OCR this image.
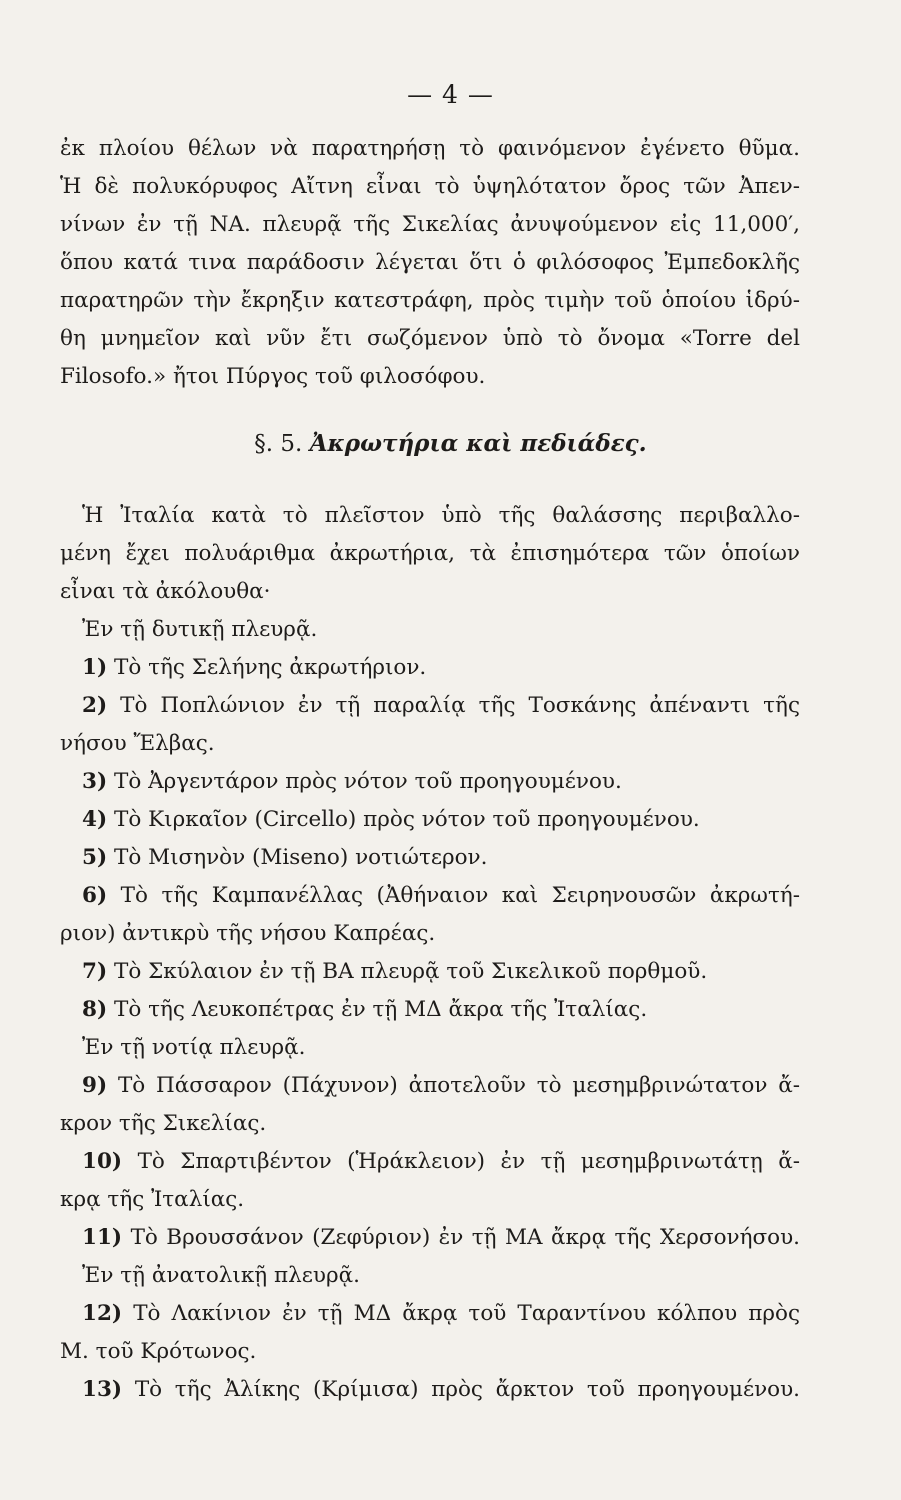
— 4 —
ἐκ πλοίου θέλων νὰ παρατηρήσῃ τὸ φαινόμενον ἐγένετο θῦμα.
Ἡ δὲ πολυκόρυφος Αἴτνη εἶναι τὸ ὑψηλότατον ὄρος τῶν Ἀπεν-
νίνων ἐν τῇ ΝΑ. πλευρᾷ τῆς Σικελίας ἀνυψούμενον εἰς 11,000′,
ὅπου κατά τινα παράδοσιν λέγεται ὅτι ὁ φιλόσοφος Ἐμπεδοκλῆς
παρατηρῶν τὴν ἔκρηξιν κατεστράφη, πρὸς τιμὴν τοῦ ὁποίου ἱδρύ-
θη μνημεῖον καὶ νῦν ἔτι σωζόμενον ὑπὸ τὸ ὄνομα «Torre del
Filosofo.» ἤτοι Πύργος τοῦ φιλοσόφου.
§. 5. Ἀκρωτήρια καὶ πεδιάδες.
Ἡ Ἰταλία κατὰ τὸ πλεῖστον ὑπὸ τῆς θαλάσσης περιβαλλο-
μένη ἔχει πολυάριθμα ἀκρωτήρια, τὰ ἐπισημότερα τῶν ὁποίων
εἶναι τὰ ἀκόλουθα·
Ἐν τῇ δυτικῇ πλευρᾷ.
1) Τὸ τῆς Σελήνης ἀκρωτήριον.
2) Τὸ Ποπλώνιον ἐν τῇ παραλίᾳ τῆς Τοσκάνης ἀπέναντι τῆς
νήσου Ἔλβας.
3) Τὸ Ἀργεντάρον πρὸς νότον τοῦ προηγουμένου.
4) Τὸ Κιρκαῖον (Circello) πρὸς νότον τοῦ προηγουμένου.
5) Τὸ Μισηνὸν (Miseno) νοτιώτερον.
6) Τὸ τῆς Καμπανέλλας (Ἀθήναιον καὶ Σειρηνουσῶν ἀκρωτή-
ριον) ἀντικρὺ τῆς νήσου Καπρέας.
7) Τὸ Σκύλαιον ἐν τῇ ΒΑ πλευρᾷ τοῦ Σικελικοῦ πορθμοῦ.
8) Τὸ τῆς Λευκοπέτρας ἐν τῇ ΜΔ ἄκρα τῆς Ἰταλίας.
Ἐν τῇ νοτίᾳ πλευρᾷ.
9) Τὸ Πάσσαρον (Πάχυνον) ἀποτελοῦν τὸ μεσημβρινώτατον ἄ-
κρον τῆς Σικελίας.
10) Τὸ Σπαρτιβέντον (Ἡράκλειον) ἐν τῇ μεσημβρινωτάτῃ ἄ-
κρᾳ τῆς Ἰταλίας.
11) Τὸ Βρουσσάνον (Ζεφύριον) ἐν τῇ ΜΑ ἄκρᾳ τῆς Χερσονήσου.
Ἐν τῇ ἀνατολικῇ πλευρᾷ.
12) Τὸ Λακίνιον ἐν τῇ ΜΔ ἄκρᾳ τοῦ Ταραντίνου κόλπου πρὸς
Μ. τοῦ Κρότωνος.
13) Τὸ τῆς Ἀλίκης (Κρίμισα) πρὸς ἄρκτον τοῦ προηγουμένου.
